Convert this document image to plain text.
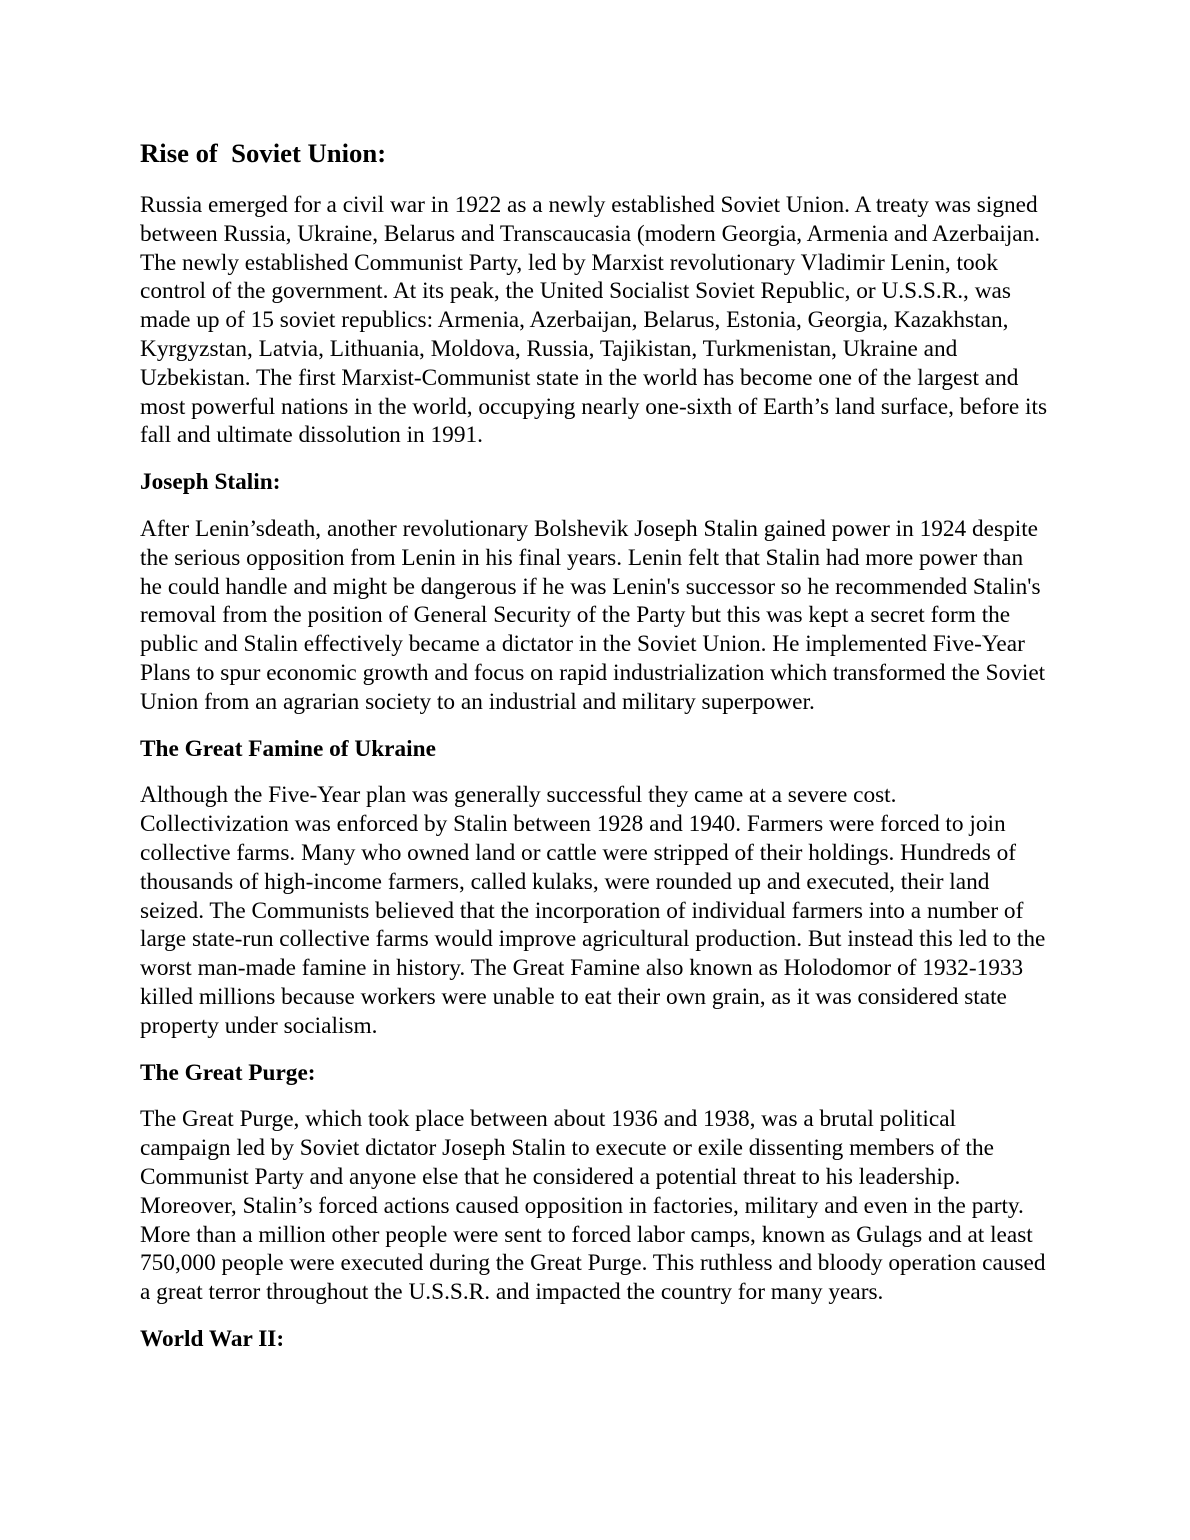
Rise of  Soviet Union:

Russia emerged for a civil war in 1922 as a newly established Soviet Union. A treaty was signed between Russia, Ukraine, Belarus and Transcaucasia (modern Georgia, Armenia and Azerbaijan. The newly established Communist Party, led by Marxist revolutionary Vladimir Lenin, took control of the government. At its peak, the United Socialist Soviet Republic, or U.S.S.R., was made up of 15 soviet republics: Armenia, Azerbaijan, Belarus, Estonia, Georgia, Kazakhstan, Kyrgyzstan, Latvia, Lithuania, Moldova, Russia, Tajikistan, Turkmenistan, Ukraine and Uzbekistan. The first Marxist-Communist state in the world has become one of the largest and most powerful nations in the world, occupying nearly one-sixth of Earth’s land surface, before its fall and ultimate dissolution in 1991.

Joseph Stalin:

After Lenin’sdeath, another revolutionary Bolshevik Joseph Stalin gained power in 1924 despite the serious opposition from Lenin in his final years. Lenin felt that Stalin had more power than he could handle and might be dangerous if he was Lenin's successor so he recommended Stalin's removal from the position of General Security of the Party but this was kept a secret form the public and Stalin effectively became a dictator in the Soviet Union. He implemented Five-Year Plans to spur economic growth and focus on rapid industrialization which transformed the Soviet Union from an agrarian society to an industrial and military superpower.

The Great Famine of Ukraine

Although the Five-Year plan was generally successful they came at a severe cost. Collectivization was enforced by Stalin between 1928 and 1940. Farmers were forced to join collective farms. Many who owned land or cattle were stripped of their holdings. Hundreds of thousands of high-income farmers, called kulaks, were rounded up and executed, their land seized. The Communists believed that the incorporation of individual farmers into a number of large state-run collective farms would improve agricultural production. But instead this led to the worst man-made famine in history. The Great Famine also known as Holodomor of 1932-1933 killed millions because workers were unable to eat their own grain, as it was considered state property under socialism.

The Great Purge:

The Great Purge, which took place between about 1936 and 1938, was a brutal political campaign led by Soviet dictator Joseph Stalin to execute or exile dissenting members of the Communist Party and anyone else that he considered a potential threat to his leadership. Moreover, Stalin’s forced actions caused opposition in factories, military and even in the party. More than a million other people were sent to forced labor camps, known as Gulags and at least 750,000 people were executed during the Great Purge. This ruthless and bloody operation caused a great terror throughout the U.S.S.R. and impacted the country for many years.

World War II:
